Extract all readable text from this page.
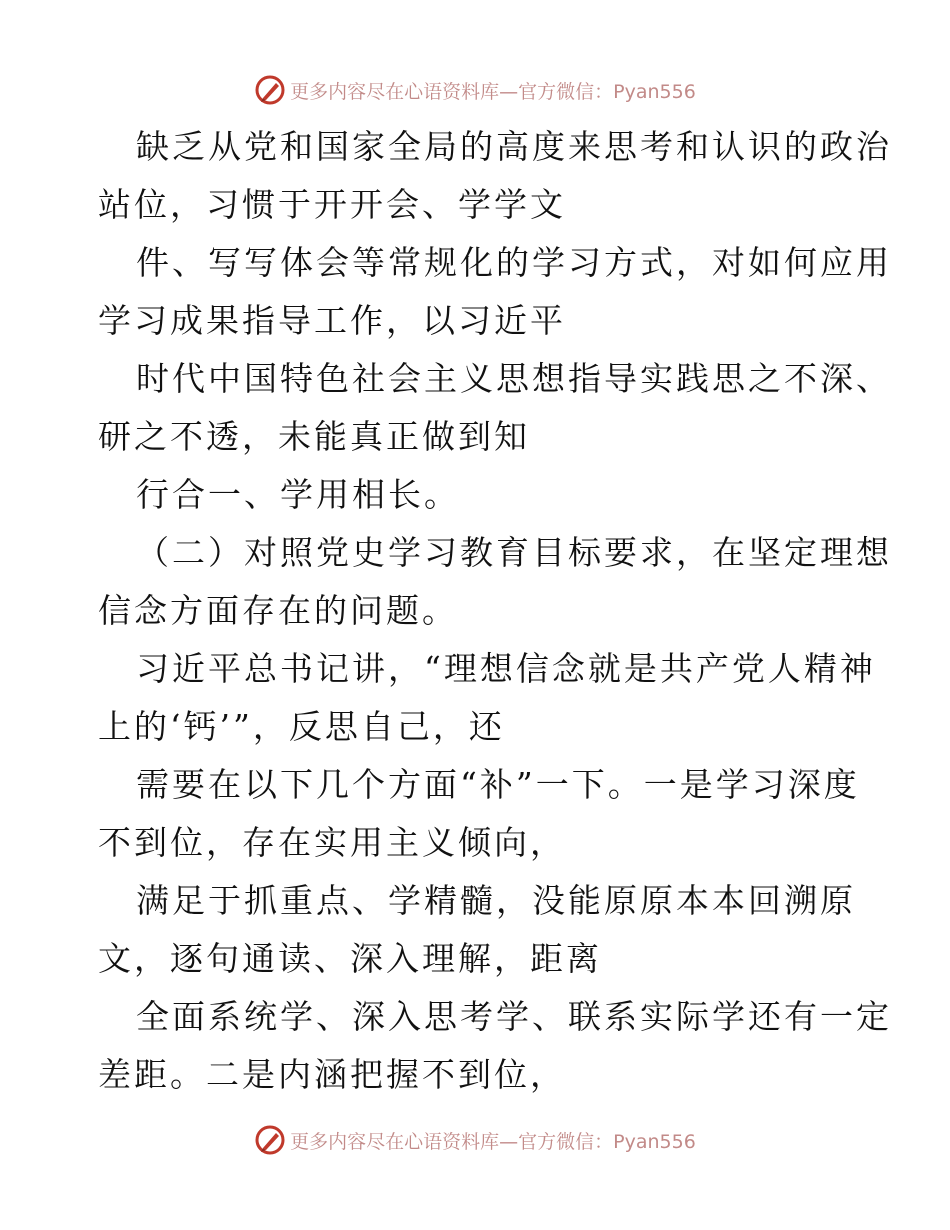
更多内容尽在心语资料库—官方微信：Pyan556
缺乏从党和国家全局的高度来思考和认识的政治
站位，习惯于开开会、学学文
件、写写体会等常规化的学习方式，对如何应用
学习成果指导工作，以习近平
时代中国特色社会主义思想指导实践思之不深、
研之不透，未能真正做到知
行合一、学用相长。
（二）对照党史学习教育目标要求，在坚定理想
信念方面存在的问题。
习近平总书记讲，“理想信念就是共产党人精神
上的‘钙’”，反思自己，还
需要在以下几个方面“补”一下。一是学习深度
不到位，存在实用主义倾向，
满足于抓重点、学精髓，没能原原本本回溯原
文，逐句通读、深入理解，距离
全面系统学、深入思考学、联系实际学还有一定
差距。二是内涵把握不到位，
更多内容尽在心语资料库—官方微信：Pyan556
